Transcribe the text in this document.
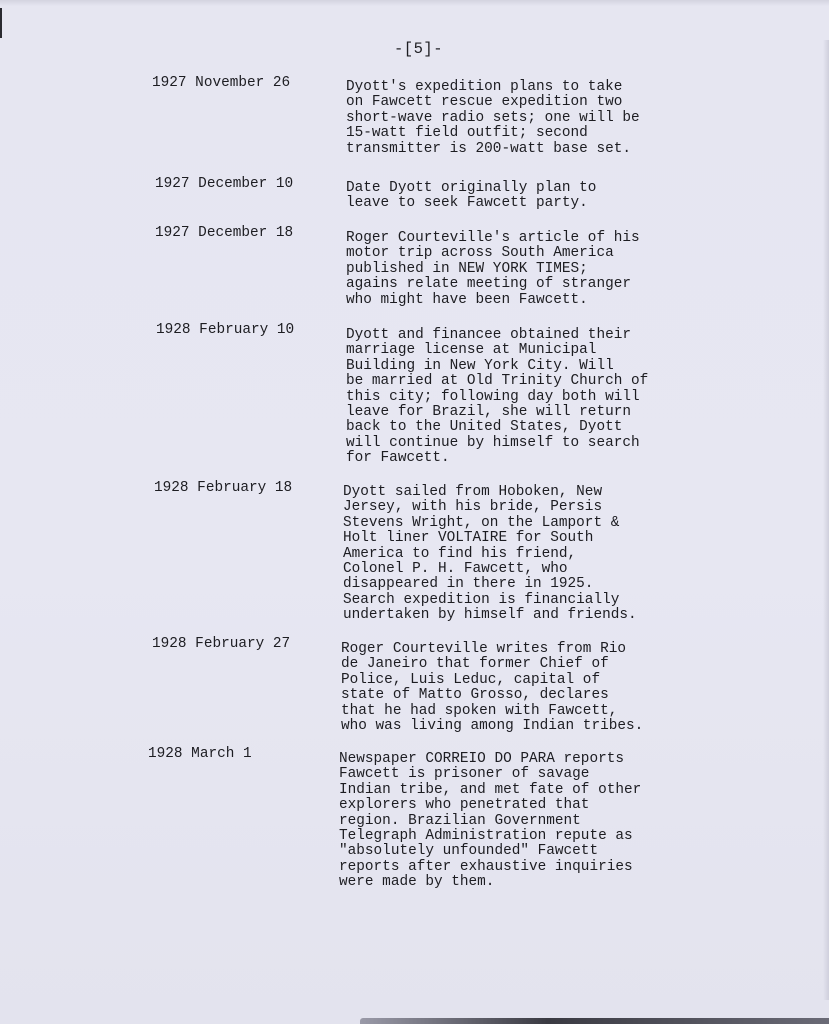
-[5]-
1927 November 26	Dyott's expedition plans to take
on Fawcett rescue expedition two
short-wave radio sets; one will be
15-watt field outfit; second
transmitter is 200-watt base set.
1927 December 10	Date Dyott originally plan to
leave to seek Fawcett party.
1927 December 18	Roger Courteville's article of his
motor trip across South America
published in NEW YORK TIMES;
agains relate meeting of stranger
who might have been Fawcett.
1928 February 10	Dyott and financee obtained their
marriage license at Municipal
Building in New York City. Will
be married at Old Trinity Church of
this city; following day both will
leave for Brazil, she will return
back to the United States, Dyott
will continue by himself to search
for Fawcett.
1928 February 18	Dyott sailed from Hoboken, New
Jersey, with his bride, Persis
Stevens Wright, on the Lamport &
Holt liner VOLTAIRE for South
America to find his friend,
Colonel P. H. Fawcett, who
disappeared in there in 1925.
Search expedition is financially
undertaken by himself and friends.
1928 February 27	Roger Courteville writes from Rio
de Janeiro that former Chief of
Police, Luis Leduc, capital of
state of Matto Grosso, declares
that he had spoken with Fawcett,
who was living among Indian tribes.
1928 March 1	Newspaper CORREIO DO PARA reports
Fawcett is prisoner of savage
Indian tribe, and met fate of other
explorers who penetrated that
region. Brazilian Government
Telegraph Administration repute as
"absolutely unfounded" Fawcett
reports after exhaustive inquiries
were made by them.
